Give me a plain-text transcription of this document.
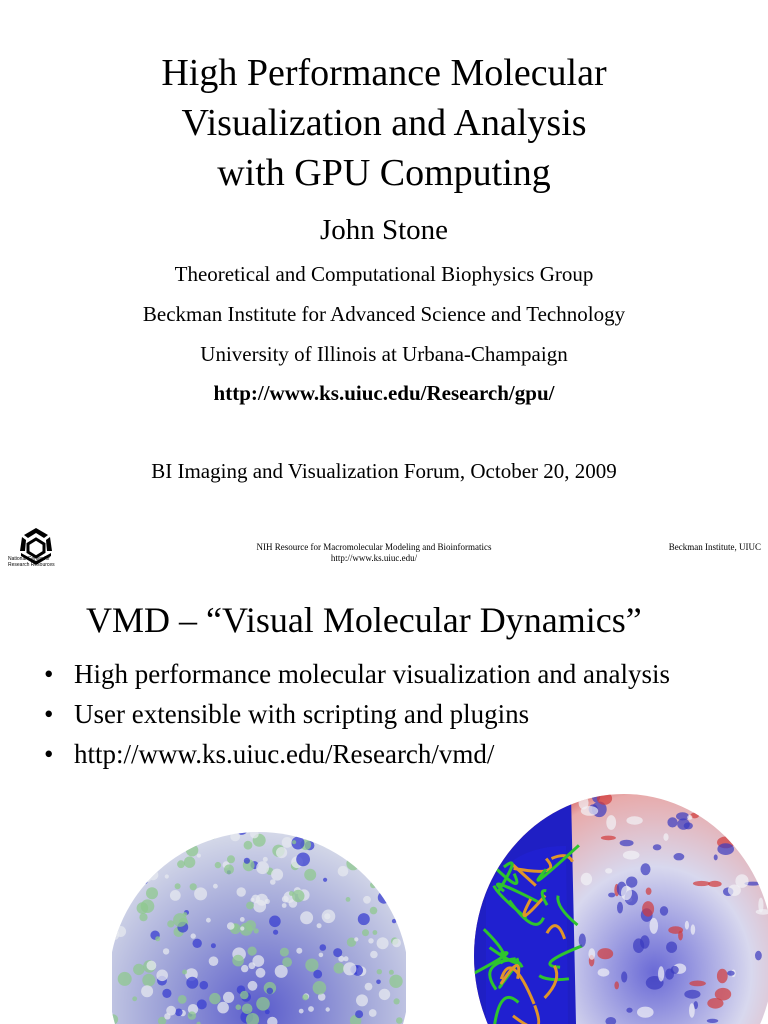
High Performance Molecular
Visualization and Analysis
with GPU Computing
John Stone
Theoretical and Computational Biophysics Group
Beckman Institute for Advanced Science and Technology
University of Illinois at Urbana-Champaign
http://www.ks.uiuc.edu/Research/gpu/
BI Imaging and Visualization Forum, October 20, 2009
National Center for
Research Resources
NIH Resource for Macromolecular Modeling and Bioinformatics
http://www.ks.uiuc.edu/
Beckman Institute, UIUC
VMD – “Visual Molecular Dynamics”
• High performance molecular visualization and analysis
• User extensible with scripting and plugins
• http://www.ks.uiuc.edu/Research/vmd/
